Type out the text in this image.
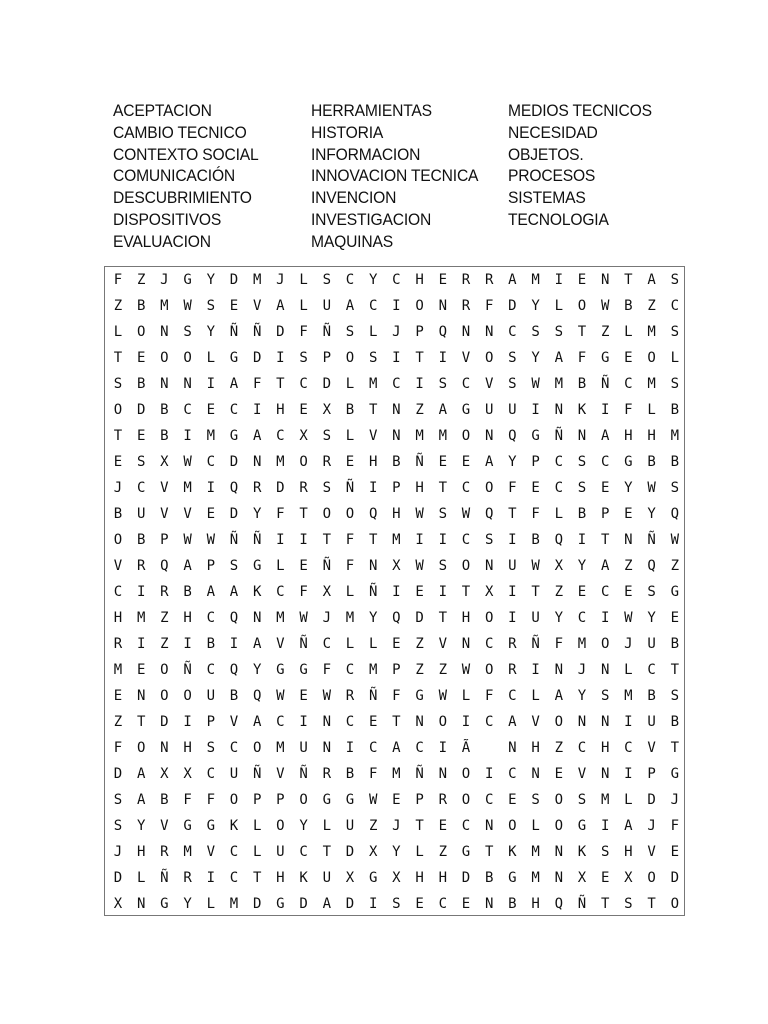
ACEPTACION
CAMBIO TECNICO
CONTEXTO SOCIAL
COMUNICACIÓN
DESCUBRIMIENTO
DISPOSITIVOS
EVALUACION
HERRAMIENTAS
HISTORIA
INFORMACION
INNOVACION TECNICA
INVENCION
INVESTIGACION
MAQUINAS
MEDIOS TECNICOS
NECESIDAD
OBJETOS.
PROCESOS
SISTEMAS
TECNOLOGIA
F	Z	J	G	Y	D	M	J	L	S	C	Y	C	H	E	R	R	A	M	I	E	N	T	A	S
Z	B	M	W	S	E	V	A	L	U	A	C	I	O	N	R	F	D	Y	L	O	W	B	Z	C
L	O	N	S	Y	Ñ	Ñ	D	F	Ñ	S	L	J	P	Q	N	N	C	S	S	T	Z	L	M	S
T	E	O	O	L	G	D	I	S	P	O	S	I	T	I	V	O	S	Y	A	F	G	E	O	L
S	B	N	N	I	A	F	T	C	D	L	M	C	I	S	C	V	S	W	M	B	Ñ	C	M	S
O	D	B	C	E	C	I	H	E	X	B	T	N	Z	A	G	U	U	I	N	K	I	F	L	B
T	E	B	I	M	G	A	C	X	S	L	V	N	M	M	O	N	Q	G	Ñ	N	A	H	H	M
E	S	X	W	C	D	N	M	O	R	E	H	B	Ñ	E	E	A	Y	P	C	S	C	G	B	B
J	C	V	M	I	Q	R	D	R	S	Ñ	I	P	H	T	C	O	F	E	C	S	E	Y	W	S
B	U	V	V	E	D	Y	F	T	O	O	Q	H	W	S	W	Q	T	F	L	B	P	E	Y	Q
O	B	P	W	W	Ñ	Ñ	I	I	T	F	T	M	I	I	C	S	I	B	Q	I	T	N	Ñ	W
V	R	Q	A	P	S	G	L	E	Ñ	F	N	X	W	S	O	N	U	W	X	Y	A	Z	Q	Z
C	I	R	B	A	A	K	C	F	X	L	Ñ	I	E	I	T	X	I	T	Z	E	C	E	S	G
H	M	Z	H	C	Q	N	M	W	J	M	Y	Q	D	T	H	O	I	U	Y	C	I	W	Y	E
R	I	Z	I	B	I	A	V	Ñ	C	L	L	E	Z	V	N	C	R	Ñ	F	M	O	J	U	B
M	E	O	Ñ	C	Q	Y	G	G	F	C	M	P	Z	Z	W	O	R	I	N	J	N	L	C	T
E	N	O	O	U	B	Q	W	E	W	R	Ñ	F	G	W	L	F	C	L	A	Y	S	M	B	S
Z	T	D	I	P	V	A	C	I	N	C	E	T	N	O	I	C	A	V	O	N	N	I	U	B
F	O	N	H	S	C	O	M	U	N	I	C	A	C	I	Ã	N	H	Z	C	H	C	V	T
D	A	X	X	C	U	Ñ	V	Ñ	R	B	F	M	Ñ	N	O	I	C	N	E	V	N	I	P	G
S	A	B	F	F	O	P	P	O	G	G	W	E	P	R	O	C	E	S	O	S	M	L	D	J
S	Y	V	G	G	K	L	O	Y	L	U	Z	J	T	E	C	N	O	L	O	G	I	A	J	F
J	H	R	M	V	C	L	U	C	T	D	X	Y	L	Z	G	T	K	M	N	K	S	H	V	E
D	L	Ñ	R	I	C	T	H	K	U	X	G	X	H	H	D	B	G	M	N	X	E	X	O	D
X	N	G	Y	L	M	D	G	D	A	D	I	S	E	C	E	N	B	H	Q	Ñ	T	S	T	O
